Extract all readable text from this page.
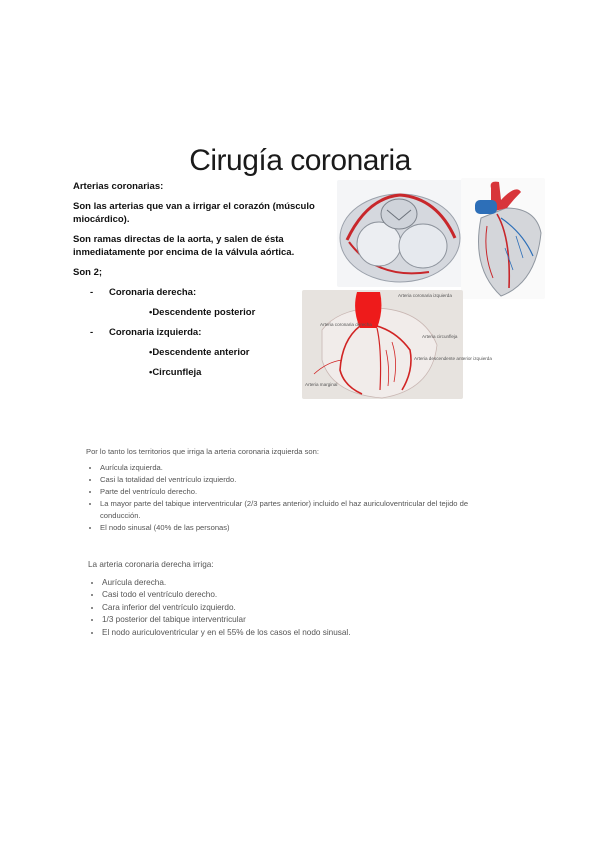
Cirugía coronaria

Arterias coronarias:

Son las arterias que van a irrigar el corazón (músculo miocárdico).

Son ramas directas de la aorta, y salen de ésta inmediatamente por encima de la válvula aórtica.

Son 2;

- Coronaria derecha:
•Descendente posterior
- Coronaria izquierda:
•Descendente anterior
•Circunfleja
Arteria coronaria izquierda
Arteria circunfleja
Arteria coronaria derecha
Arteria descendente anterior izquierda
Arteria marginal

Por lo tanto los territorios que irriga la arteria coronaria izquierda son:

• Aurícula izquierda.
• Casi la totalidad del ventrículo izquierdo.
• Parte del ventrículo derecho.
• La mayor parte del tabique interventricular (2/3 partes anterior) incluido el haz auriculoventricular del tejido de conducción.
• El nodo sinusal (40% de las personas)

La arteria coronaria derecha irriga:

• Aurícula derecha.
• Casi todo el ventrículo derecho.
• Cara inferior del ventrículo izquierdo.
• 1/3 posterior del tabique interventricular
• El nodo auriculoventricular y en el 55% de los casos el nodo sinusal.
